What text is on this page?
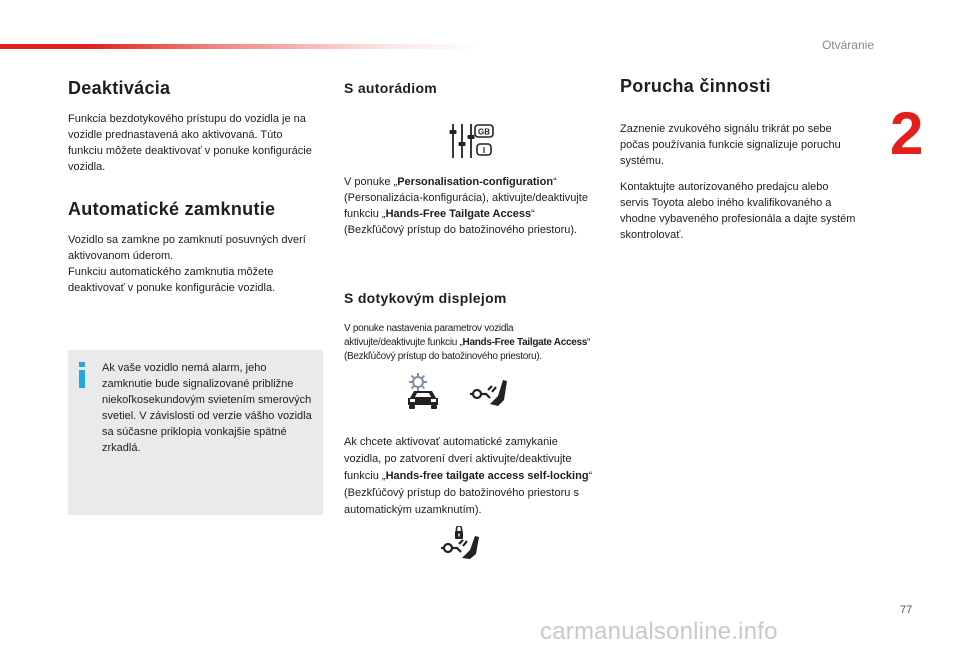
Otváranie
2
77
carmanualsonline.info
Deaktivácia

Funkcia bezdotykového prístupu do vozidla je na vozidle prednastavená ako aktivovaná. Túto funkciu môžete deaktivovať v ponuke konfigurácie vozidla.

Automatické zamknutie

Vozidlo sa zamkne po zamknutí posuvných dverí aktivovanom úderom.

Funkciu automatického zamknutia môžete deaktivovať v ponuke konfigurácie vozidla.

Ak vaše vozidlo nemá alarm, jeho zamknutie bude signalizované približne niekoľkosekundovým svietením smerových svetiel. V závislosti od verzie vášho vozidla sa súčasne priklopia vonkajšie spätné zrkadlá.

S autorádiom
GB
I

V ponuke „Personalisation-configuration“ (Personalizácia-konfigurácia), aktivujte/deaktivujte funkciu „Hands-Free Tailgate Access“ (Bezkľúčový prístup do batožinového priestoru).

S dotykovým displejom

V ponuke nastavenia parametrov vozidla aktivujte/deaktivujte funkciu „Hands-Free Tailgate Access“ (Bezkľúčový prístup do batožinového priestoru).

Ak chcete aktivovať automatické zamykanie vozidla, po zatvorení dverí aktivujte/deaktivujte funkciu „Hands-free tailgate access self-locking“ (Bezkľúčový prístup do batožinového priestoru s automatickým uzamknutím).

Porucha činnosti

Zaznenie zvukového signálu trikrát po sebe počas používania funkcie signalizuje poruchu systému.

Kontaktujte autorizovaného predajcu alebo servis Toyota alebo iného kvalifikovaného a vhodne vybaveného profesionála a dajte systém skontrolovať.
